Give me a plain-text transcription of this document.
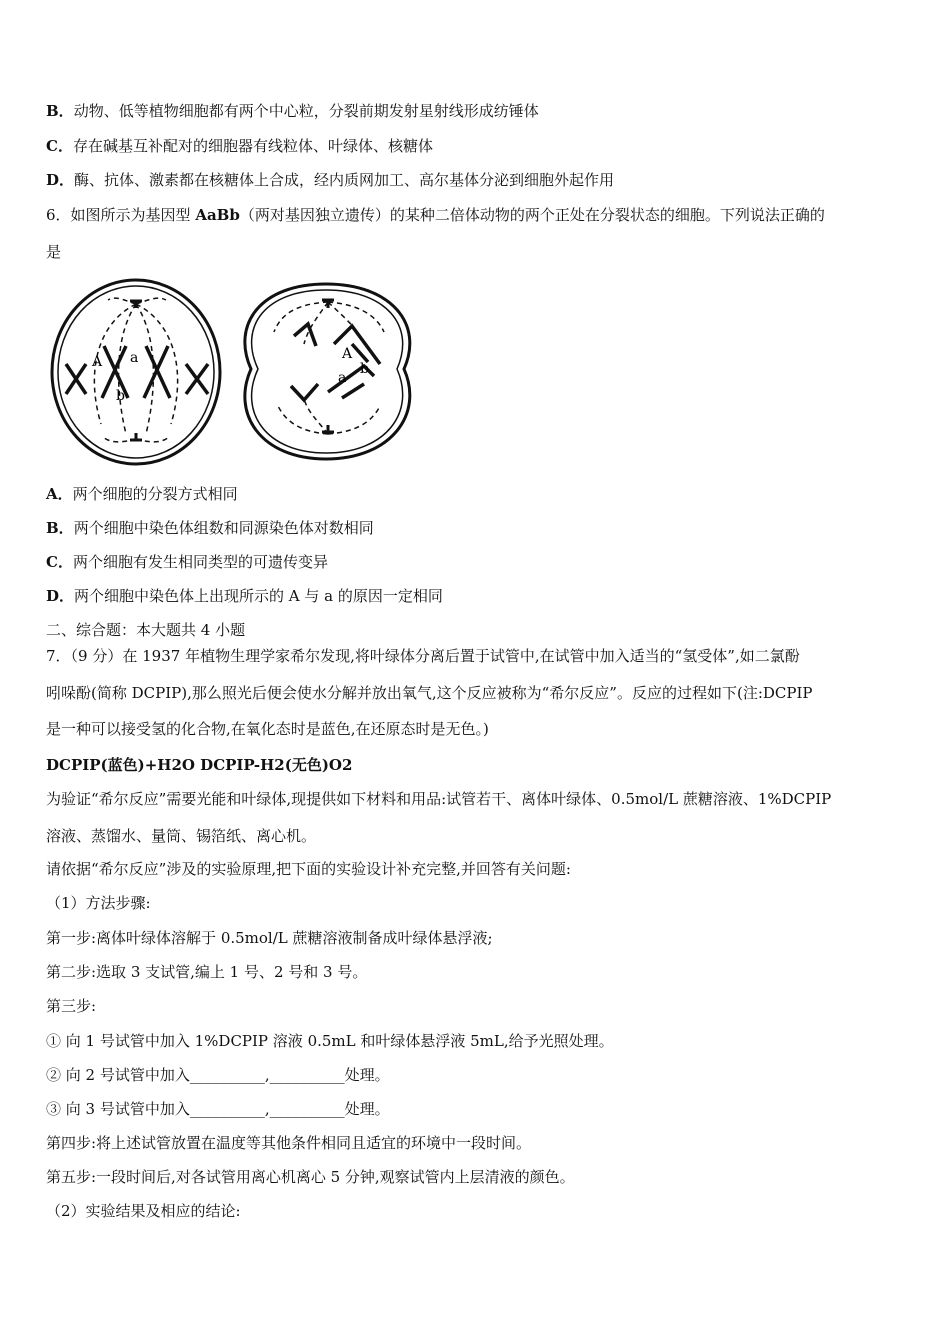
B．动物、低等植物细胞都有两个中心粒，分裂前期发射星射线形成纺锤体
C．存在碱基互补配对的细胞器有线粒体、叶绿体、核糖体
D．酶、抗体、激素都在核糖体上合成，经内质网加工、高尔基体分泌到细胞外起作用
6．如图所示为基因型 AaBb（两对基因独立遗传）的某种二倍体动物的两个正处在分裂状态的细胞。下列说法正确的
是
A a
b
A
b
a
A．两个细胞的分裂方式相同
B．两个细胞中染色体组数和同源染色体对数相同
C．两个细胞有发生相同类型的可遗传变异
D．两个细胞中染色体上出现所示的 A 与 a 的原因一定相同
二、综合题：本大题共 4 小题
7．（9 分）在 1937 年植物生理学家希尔发现,将叶绿体分离后置于试管中,在试管中加入适当的“氢受体”,如二氯酚
吲哚酚(简称 DCPIP),那么照光后便会使水分解并放出氧气,这个反应被称为“希尔反应”。反应的过程如下(注:DCPIP
是一种可以接受氢的化合物,在氧化态时是蓝色,在还原态时是无色。)
DCPIP(蓝色)+H2O DCPIP-H2(无色)O2
为验证“希尔反应”需要光能和叶绿体,现提供如下材料和用品:试管若干、离体叶绿体、0.5mol/L 蔗糖溶液、1%DCPIP
溶液、蒸馏水、量筒、锡箔纸、离心机。
请依据“希尔反应”涉及的实验原理,把下面的实验设计补充完整,并回答有关问题:
（1）方法步骤:
第一步:离体叶绿体溶解于 0.5mol/L 蔗糖溶液制备成叶绿体悬浮液;
第二步:选取 3 支试管,编上 1 号、2 号和 3 号。
第三步:
① 向 1 号试管中加入 1%DCPIP 溶液 0.5mL 和叶绿体悬浮液 5mL,给予光照处理。
② 向 2 号试管中加入__________,__________处理。
③ 向 3 号试管中加入__________,__________处理。
第四步:将上述试管放置在温度等其他条件相同且适宜的环境中一段时间。
第五步:一段时间后,对各试管用离心机离心 5 分钟,观察试管内上层清液的颜色。
（2）实验结果及相应的结论:
